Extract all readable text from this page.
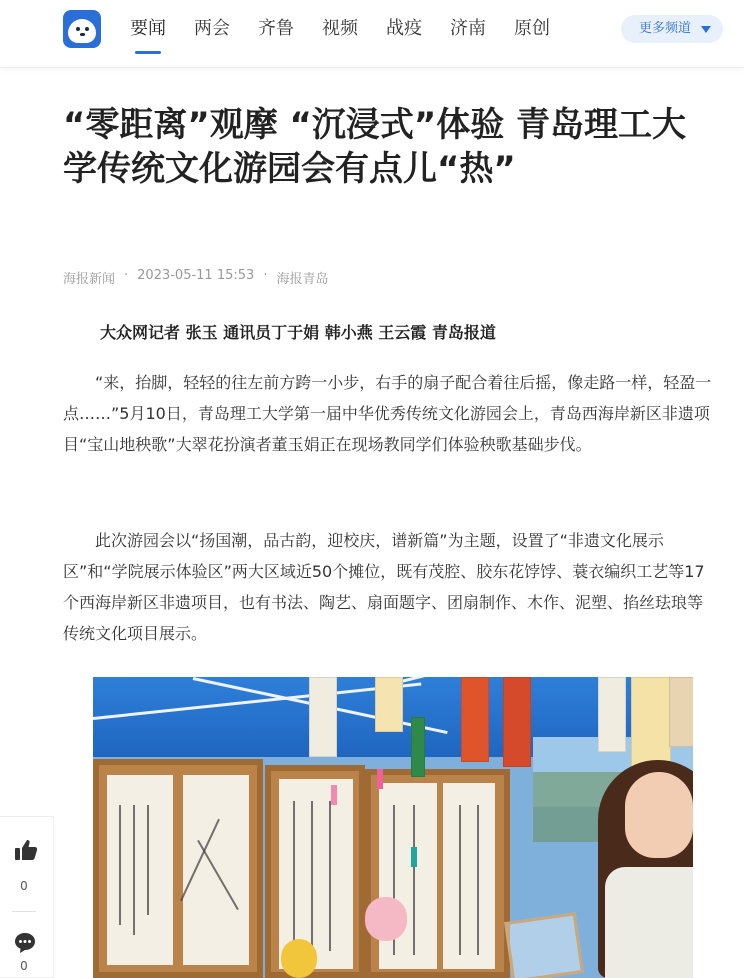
要闻 两会 齐鲁 视频 战疫 济南 原创	更多频道
“零距离”观摩 “沉浸式”体验 青岛理工大学传统文化游园会有点儿“热”
海报新闻 · 2023-05-11 15:53 · 海报青岛

大众网记者 张玉 通讯员丁于娟 韩小燕 王云霞 青岛报道

“来，抬脚，轻轻的往左前方跨一小步，右手的扇子配合着往后摇，像走路一样，轻盈一点……”5月10日，青岛理工大学第一届中华优秀传统文化游园会上，青岛西海岸新区非遗项目“宝山地秧歌”大翠花扮演者董玉娟正在现场教同学们体验秧歌基础步伐。

此次游园会以“扬国潮，品古韵，迎校庆，谱新篇”为主题，设置了“非遗文化展示区”和“学院展示体验区”两大区域近50个摊位，既有茂腔、胶东花饽饽、蓑衣编织工艺等17个西海岸新区非遗项目，也有书法、陶艺、扇面题字、团扇制作、木作、泥塑、掐丝珐琅等传统文化项目展示。

0
0
